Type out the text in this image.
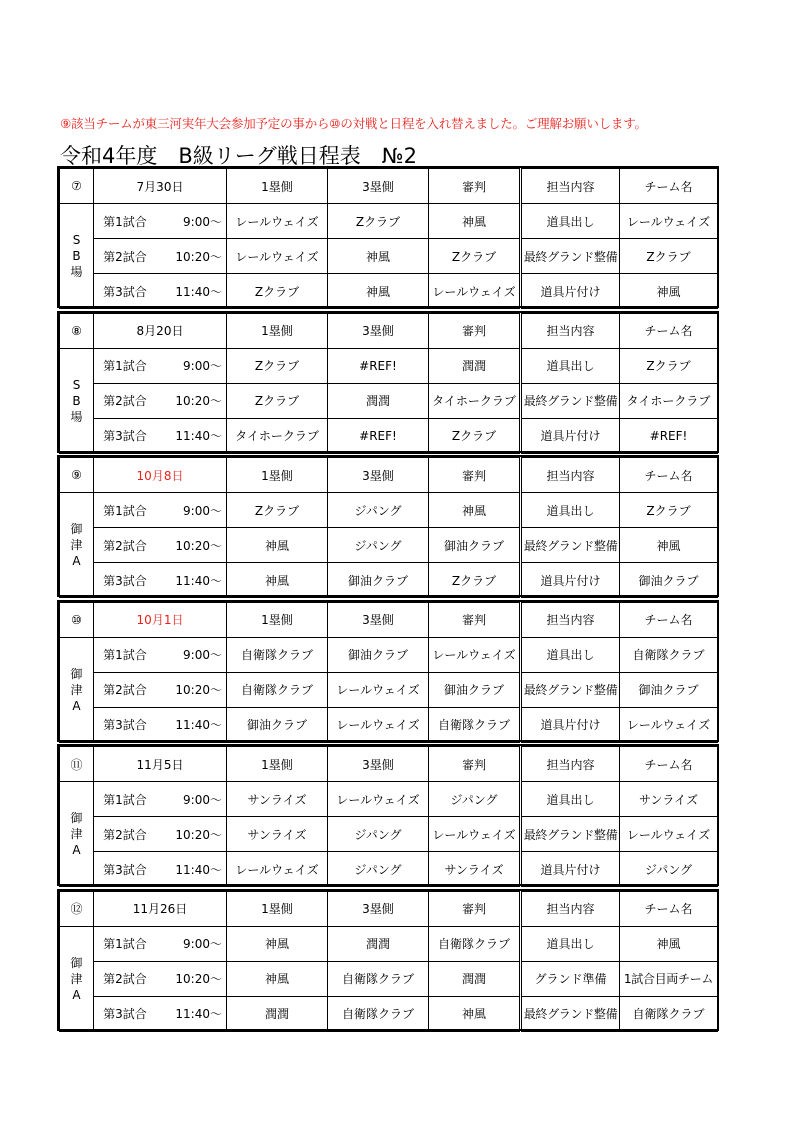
⑨該当チームが東三河実年大会参加予定の事から⑩の対戦と日程を入れ替えました。ご理解お願いします。
令和4年度　B級リーグ戦日程表　№2
⑦	7月30日	1塁側	3塁側	審判	担当内容	チーム名

S
B
場	第1試合 9:00～	レールウェイズ	Zクラブ	神風	道具出し	レールウェイズ
	第2試合 10:20～	レールウェイズ	神風	Zクラブ	最終グランド整備	Zクラブ
	第3試合 11:40～	Zクラブ	神風	レールウェイズ	道具片付け	神風
⑧	8月20日	1塁側	3塁側	審判	担当内容	チーム名

S
B
場	第1試合 9:00～	Zクラブ	#REF!	潤潤	道具出し	Zクラブ
	第2試合 10:20～	Zクラブ	潤潤	タイホークラブ	最終グランド整備	タイホークラブ
	第3試合 11:40～	タイホークラブ	#REF!	Zクラブ	道具片付け	#REF!
⑨	10月8日	1塁側	3塁側	審判	担当内容	チーム名

御
津
A	第1試合 9:00～	Zクラブ	ジパング	神風	道具出し	Zクラブ
	第2試合 10:20～	神風	ジパング	御油クラブ	最終グランド整備	神風
	第3試合 11:40～	神風	御油クラブ	Zクラブ	道具片付け	御油クラブ
⑩	10月1日	1塁側	3塁側	審判	担当内容	チーム名

御
津
A	第1試合 9:00～	自衛隊クラブ	御油クラブ	レールウェイズ	道具出し	自衛隊クラブ
	第2試合 10:20～	自衛隊クラブ	レールウェイズ	御油クラブ	最終グランド整備	御油クラブ
	第3試合 11:40～	御油クラブ	レールウェイズ	自衛隊クラブ	道具片付け	レールウェイズ
⑪	11月5日	1塁側	3塁側	審判	担当内容	チーム名

御
津
A	第1試合 9:00～	サンライズ	レールウェイズ	ジパング	道具出し	サンライズ
	第2試合 10:20～	サンライズ	ジパング	レールウェイズ	最終グランド整備	レールウェイズ
	第3試合 11:40～	レールウェイズ	ジパング	サンライズ	道具片付け	ジパング
⑫	11月26日	1塁側	3塁側	審判	担当内容	チーム名

御
津
A	第1試合 9:00～	神風	潤潤	自衛隊クラブ	道具出し	神風
	第2試合 10:20～	神風	自衛隊クラブ	潤潤	グランド準備	1試合目両チーム
	第3試合 11:40～	潤潤	自衛隊クラブ	神風	最終グランド整備	自衛隊クラブ
